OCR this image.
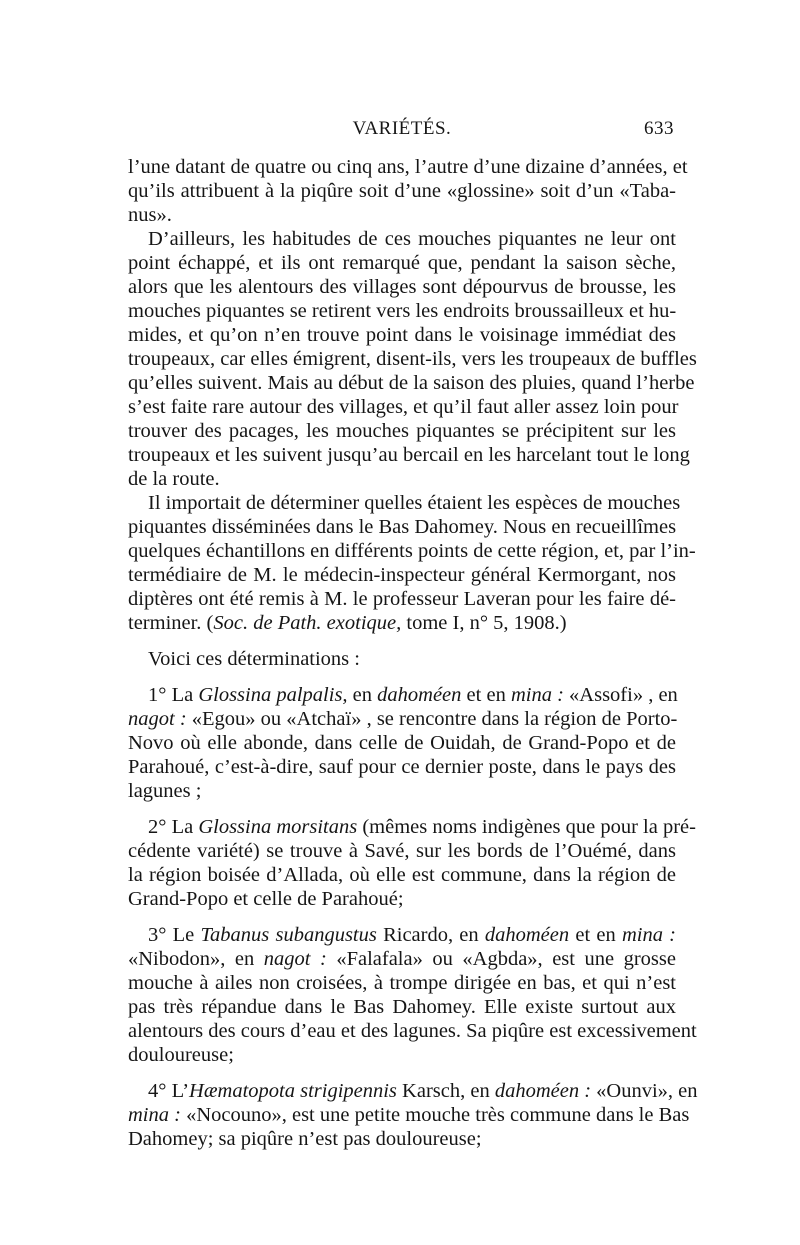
VARIÉTÉS.	633
l’une datant de quatre ou cinq ans, l’autre d’une dizaine d’années, et
qu’ils attribuent à la piqûre soit d’une «glossine» soit d’un «Taba-
nus».
D’ailleurs, les habitudes de ces mouches piquantes ne leur ont
point échappé, et ils ont remarqué que, pendant la saison sèche,
alors que les alentours des villages sont dépourvus de brousse, les
mouches piquantes se retirent vers les endroits broussailleux et hu-
mides, et qu’on n’en trouve point dans le voisinage immédiat des
troupeaux, car elles émigrent, disent-ils, vers les troupeaux de buffles
qu’elles suivent. Mais au début de la saison des pluies, quand l’herbe
s’est faite rare autour des villages, et qu’il faut aller assez loin pour
trouver des pacages, les mouches piquantes se précipitent sur les
troupeaux et les suivent jusqu’au bercail en les harcelant tout le long
de la route.
Il importait de déterminer quelles étaient les espèces de mouches
piquantes disséminées dans le Bas Dahomey. Nous en recueillîmes
quelques échantillons en différents points de cette région, et, par l’in-
termédiaire de M. le médecin-inspecteur général Kermorgant, nos
diptères ont été remis à M. le professeur Laveran pour les faire dé-
terminer. (Soc. de Path. exotique, tome I, n° 5, 1908.)
Voici ces déterminations :
1° La Glossina palpalis, en dahoméen et en mina : «Assofi» , en
nagot : «Egou» ou «Atchaï» , se rencontre dans la région de Porto-
Novo où elle abonde, dans celle de Ouidah, de Grand-Popo et de
Parahoué, c’est-à-dire, sauf pour ce dernier poste, dans le pays des
lagunes ;
2° La Glossina morsitans (mêmes noms indigènes que pour la pré-
cédente variété) se trouve à Savé, sur les bords de l’Ouémé, dans
la région boisée d’Allada, où elle est commune, dans la région de
Grand-Popo et celle de Parahoué;
3° Le Tabanus subangustus Ricardo, en dahoméen et en mina :
«Nibodon», en nagot : «Falafala» ou «Agbda», est une grosse
mouche à ailes non croisées, à trompe dirigée en bas, et qui n’est
pas très répandue dans le Bas Dahomey. Elle existe surtout aux
alentours des cours d’eau et des lagunes. Sa piqûre est excessivement
douloureuse;
4° L’Hæmatopota strigipennis Karsch, en dahoméen : «Ounvi», en
mina : «Nocouno», est une petite mouche très commune dans le Bas
Dahomey; sa piqûre n’est pas douloureuse;
